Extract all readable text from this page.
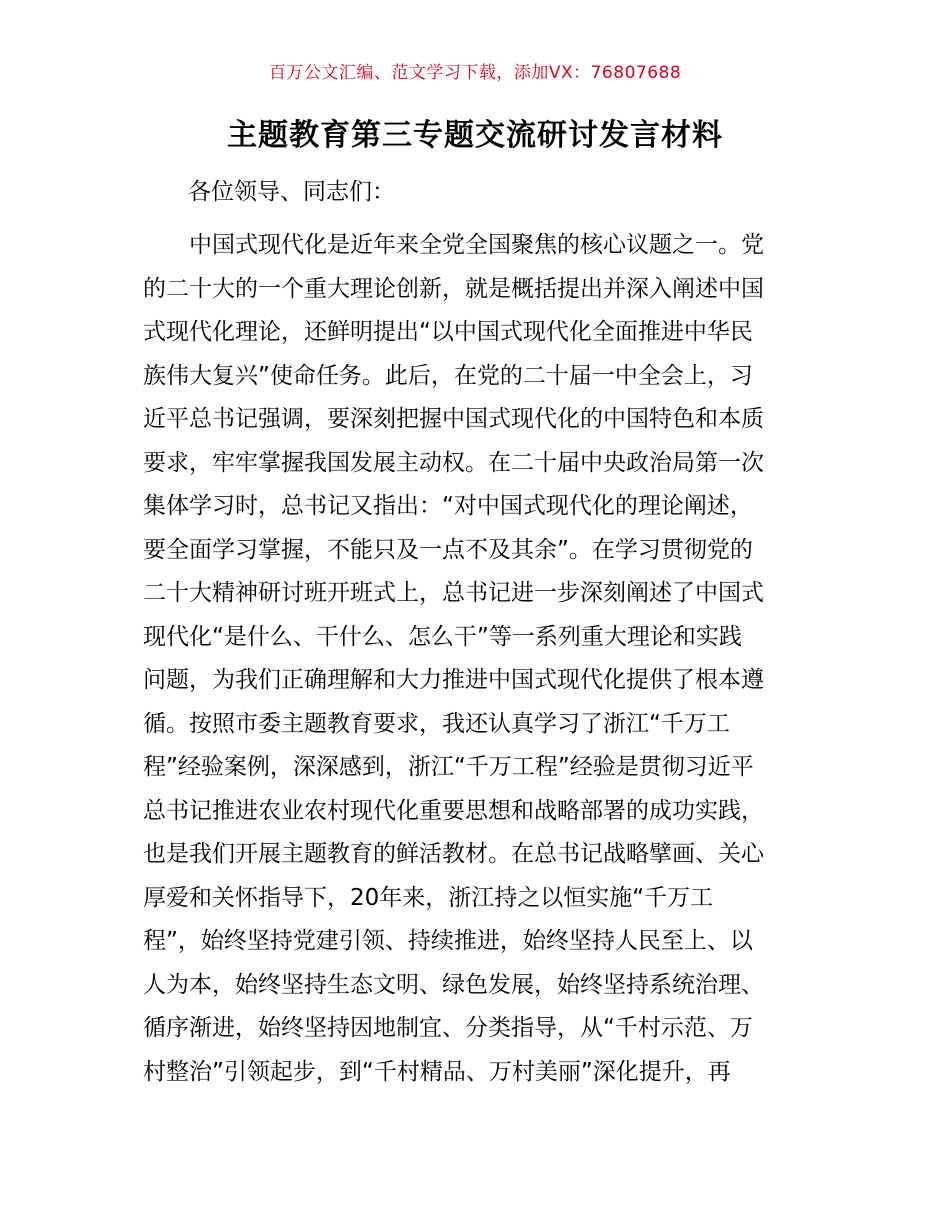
百万公文汇编、范文学习下载，添加VX：76807688
主题教育第三专题交流研讨发言材料
各位领导、同志们：
中国式现代化是近年来全党全国聚焦的核心议题之一。党
的二十大的一个重大理论创新，就是概括提出并深入阐述中国
式现代化理论，还鲜明提出“以中国式现代化全面推进中华民
族伟大复兴”使命任务。此后，在党的二十届一中全会上，习
近平总书记强调，要深刻把握中国式现代化的中国特色和本质
要求，牢牢掌握我国发展主动权。在二十届中央政治局第一次
集体学习时，总书记又指出：“对中国式现代化的理论阐述，
要全面学习掌握，不能只及一点不及其余”。在学习贯彻党的
二十大精神研讨班开班式上，总书记进一步深刻阐述了中国式
现代化“是什么、干什么、怎么干”等一系列重大理论和实践
问题，为我们正确理解和大力推进中国式现代化提供了根本遵
循。按照市委主题教育要求，我还认真学习了浙江“千万工
程”经验案例，深深感到，浙江“千万工程”经验是贯彻习近平
总书记推进农业农村现代化重要思想和战略部署的成功实践，
也是我们开展主题教育的鲜活教材。在总书记战略擘画、关心
厚爱和关怀指导下，20年来，浙江持之以恒实施“千万工
程”，始终坚持党建引领、持续推进，始终坚持人民至上、以
人为本，始终坚持生态文明、绿色发展，始终坚持系统治理、
循序渐进，始终坚持因地制宜、分类指导，从“千村示范、万
村整治”引领起步，到“千村精品、万村美丽”深化提升，再
